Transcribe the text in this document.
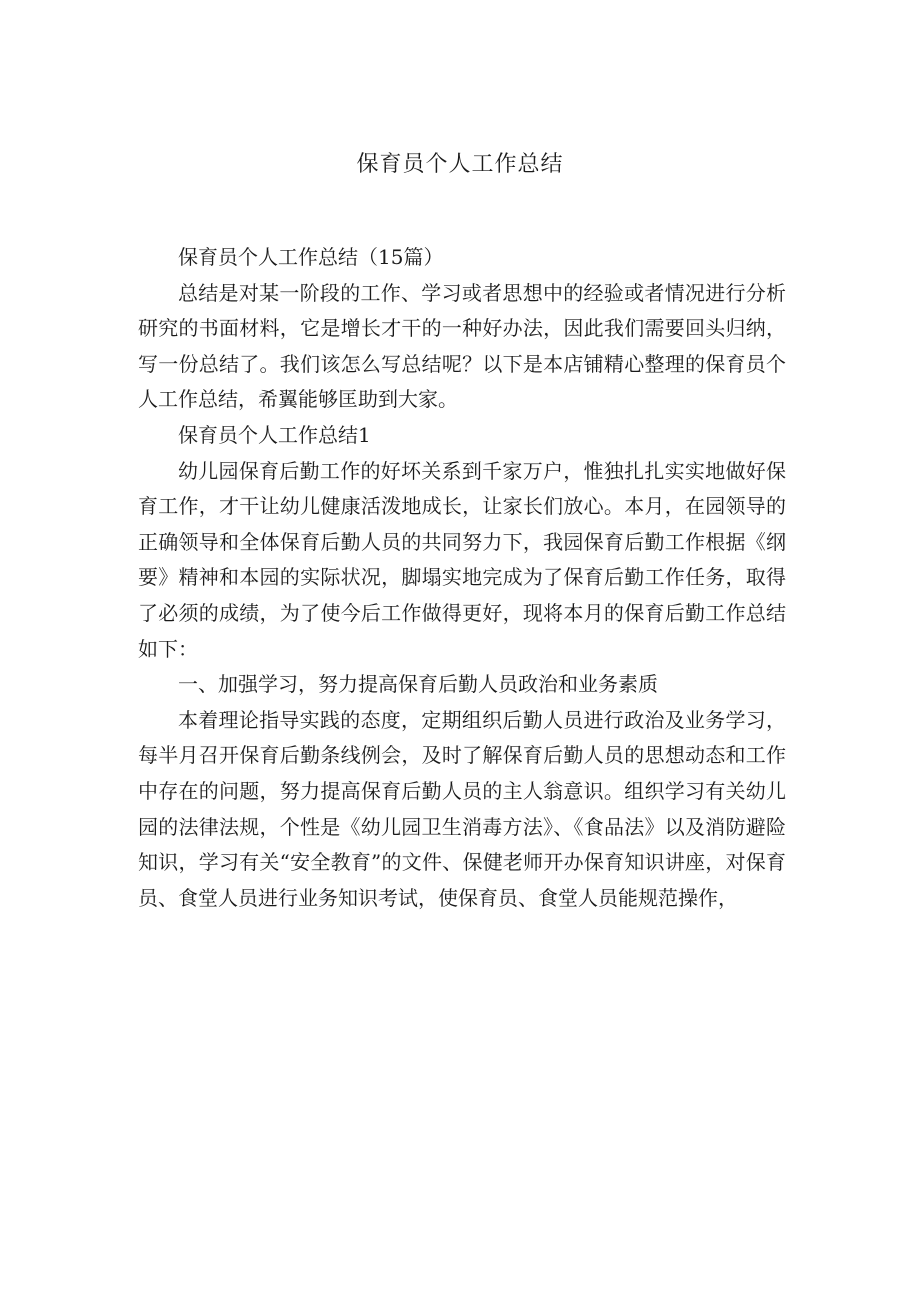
保育员个人工作总结

保育员个人工作总结（15篇）

总结是对某一阶段的工作、学习或者思想中的经验或者情况进行分析研究的书面材料，它是增长才干的一种好办法，因此我们需要回头归纳，写一份总结了。我们该怎么写总结呢？以下是本店铺精心整理的保育员个人工作总结，希翼能够匡助到大家。

保育员个人工作总结1

幼儿园保育后勤工作的好坏关系到千家万户，惟独扎扎实实地做好保育工作，才干让幼儿健康活泼地成长，让家长们放心。本月，在园领导的正确领导和全体保育后勤人员的共同努力下，我园保育后勤工作根据《纲要》精神和本园的实际状况，脚塌实地完成为了保育后勤工作任务，取得了必须的成绩，为了使今后工作做得更好，现将本月的保育后勤工作总结如下：

一、加强学习，努力提高保育后勤人员政治和业务素质

本着理论指导实践的态度，定期组织后勤人员进行政治及业务学习，每半月召开保育后勤条线例会，及时了解保育后勤人员的思想动态和工作中存在的问题，努力提高保育后勤人员的主人翁意识。组织学习有关幼儿园的法律法规，个性是《幼儿园卫生消毒方法》、《食品法》以及消防避险知识，学习有关“安全教育”的文件、保健老师开办保育知识讲座，对保育员、食堂人员进行业务知识考试，使保育员、食堂人员能规范操作，
